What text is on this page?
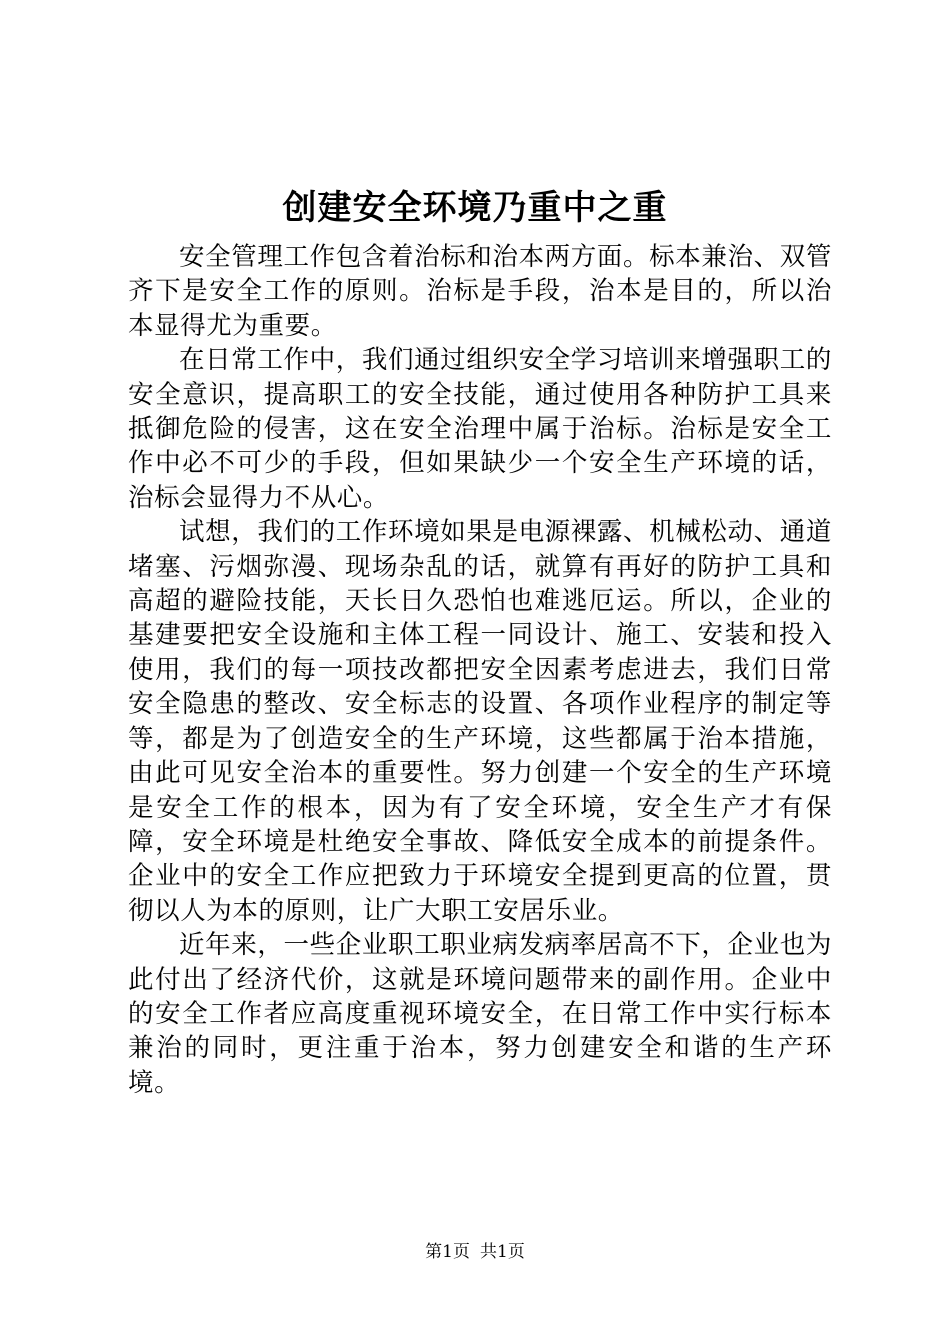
创建安全环境乃重中之重

安全管理工作包含着治标和治本两方面。标本兼治、双管齐下是安全工作的原则。治标是手段，治本是目的，所以治本显得尤为重要。

在日常工作中，我们通过组织安全学习培训来增强职工的安全意识，提高职工的安全技能，通过使用各种防护工具来抵御危险的侵害，这在安全治理中属于治标。治标是安全工作中必不可少的手段，但如果缺少一个安全生产环境的话，治标会显得力不从心。

试想，我们的工作环境如果是电源裸露、机械松动、通道堵塞、污烟弥漫、现场杂乱的话，就算有再好的防护工具和高超的避险技能，天长日久恐怕也难逃厄运。所以，企业的基建要把安全设施和主体工程一同设计、施工、安装和投入使用，我们的每一项技改都把安全因素考虑进去，我们日常安全隐患的整改、安全标志的设置、各项作业程序的制定等等，都是为了创造安全的生产环境，这些都属于治本措施，由此可见安全治本的重要性。努力创建一个安全的生产环境是安全工作的根本，因为有了安全环境，安全生产才有保障，安全环境是杜绝安全事故、降低安全成本的前提条件。企业中的安全工作应把致力于环境安全提到更高的位置，贯彻以人为本的原则，让广大职工安居乐业。

近年来，一些企业职工职业病发病率居高不下，企业也为此付出了经济代价，这就是环境问题带来的副作用。企业中的安全工作者应高度重视环境安全，在日常工作中实行标本兼治的同时，更注重于治本，努力创建安全和谐的生产环境。

第1页 共1页
